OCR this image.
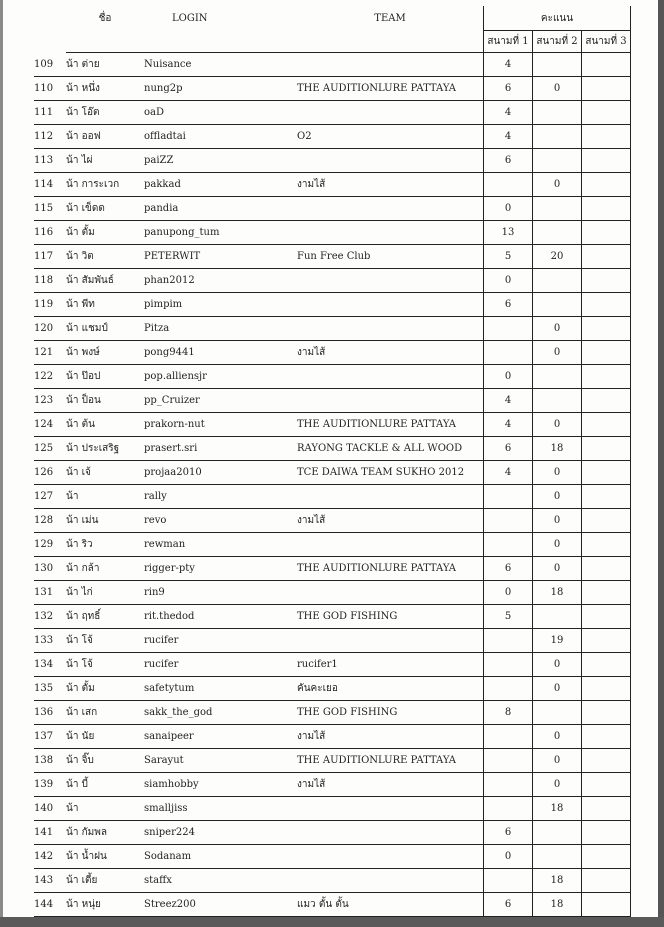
	ชื่อ	LOGIN	TEAM	คะแนน		
				สนามที่ 1	สนามที่ 2	สนามที่ 3
109	น้า ต่าย	Nuisance		4		
110	น้า หนึ่ง	nung2p	THE AUDITIONLURE PATTAYA	6	0	
111	น้า โอ๊ต	oaD		4		
112	น้า ออฟ	offladtai	O2	4		
113	น้า ไผ่	paiZZ		6		
114	น้า การะเวก	pakkad	งามไส้		0	
115	น้า เข็ดด	pandia		0		
116	น้า ตั้ม	panupong_tum		13		
117	น้า วิต	PETERWIT	Fun Free Club	5	20	
118	น้า สัมพันธ์	phan2012		0		
119	น้า พีท	pimpim		6		
120	น้า แชมป์	Pitza			0	
121	น้า พงษ์	pong9441	งามไส้		0	
122	น้า ป๊อป	pop.alliensjr		0		
123	น้า ป็อน	pp_Cruizer		4		
124	น้า ต้น	prakorn-nut	THE AUDITIONLURE PATTAYA	4	0	
125	น้า ประเสริฐ	prasert.sri	RAYONG TACKLE & ALL WOOD	6	18	
126	น้า เจ้	projaa2010	TCE DAIWA TEAM SUKHO 2012	4	0	
127	น้า	rally			0	
128	น้า เม่น	revo	งามไส้		0	
129	น้า ริว	rewman			0	
130	น้า กล้า	rigger-pty	THE AUDITIONLURE PATTAYA	6	0	
131	น้า ไก่	rin9		0	18	
132	น้า ฤทธิ์	rit.thedod	THE GOD FISHING	5		
133	น้า โจ้	rucifer			19	
134	น้า โจ้	rucifer	rucifer1		0	
135	น้า ตั้ม	safetytum	คันคะเยอ		0	
136	น้า เสก	sakk_the_god	THE GOD FISHING	8		
137	น้า นัย	sanaipeer	งามไส้		0	
138	น้า จิ๊บ	Sarayut	THE AUDITIONLURE PATTAYA		0	
139	น้า บี้	siamhobby	งามไส้		0	
140	น้า	smalljiss			18	
141	น้า กัมพล	sniper224		6		
142	น้า น้ำฝน	Sodanam		0		
143	น้า เตี้ย	staffx			18	
144	น้า หนุ่ย	Streez200	แมว ตั้น ตั้น	6	18	
